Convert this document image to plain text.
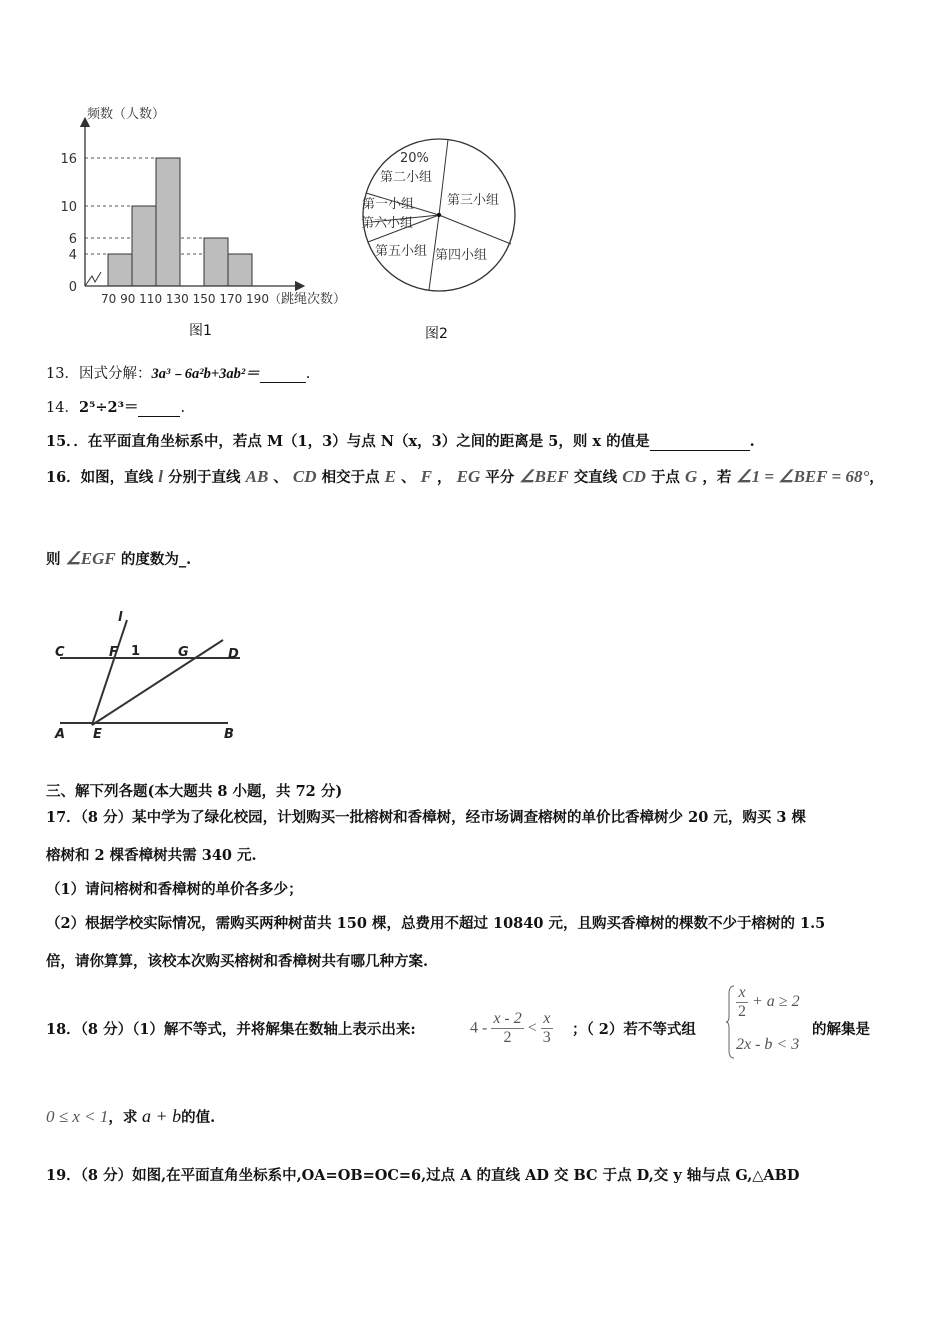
0
4
6
10
16
频数（人数）
70 90 110 130 150 170 190（ 跳绳次数）
图1
20%
第二小组
第三小组
第一小组
第六小组
第五小组 第四小组
图2
13．因式分解：3a³﹣6a²b+3ab²＝	.
14．2⁵÷2³＝	.
15．．在平面直角坐标系中，若点 M（1，3）与点 N（x，3）之间的距离是 5，则 x 的值是	.
16．如图，直线 l 分别于直线 AB 、 CD 相交于点 E 、 F ， EG 平分 ∠BEF 交直线 CD 于点 G ，若 ∠1 = ∠BEF = 68°，
则 ∠EGF 的度数为_.
l
C	F 1	G	D
A E	B
三、解下列各题(本大题共 8 小题，共 72 分)
17．（8 分）某中学为了绿化校园，计划购买一批榕树和香樟树，经市场调查榕树的单价比香樟树少 20 元，购买 3 棵
榕树和 2 棵香樟树共需 340 元.
（1）请问榕树和香樟树的单价各多少；
（2）根据学校实际情况，需购买两种树苗共 150 棵，总费用不超过 10840 元，且购买香樟树的棵数不少于榕树的 1.5
倍，请你算算，该校本次购买榕树和香樟树共有哪几种方案.
18．（8 分）（1）解不等式，并将解集在数轴上表示出来:	$4 - \frac{x - 2}{2} < \frac{x}{3}$ ；（ 2）若不等式组
$\frac{x}{2} + a \ge 2$
2x - b < 3
的解集是
0 ≤ x < 1，求 a + b的值.
19．（8 分）如图,在平面直角坐标系中,OA=OB=OC=6,过点 A 的直线 AD 交 BC 于点 D,交 y 轴与点 G,△ABD
